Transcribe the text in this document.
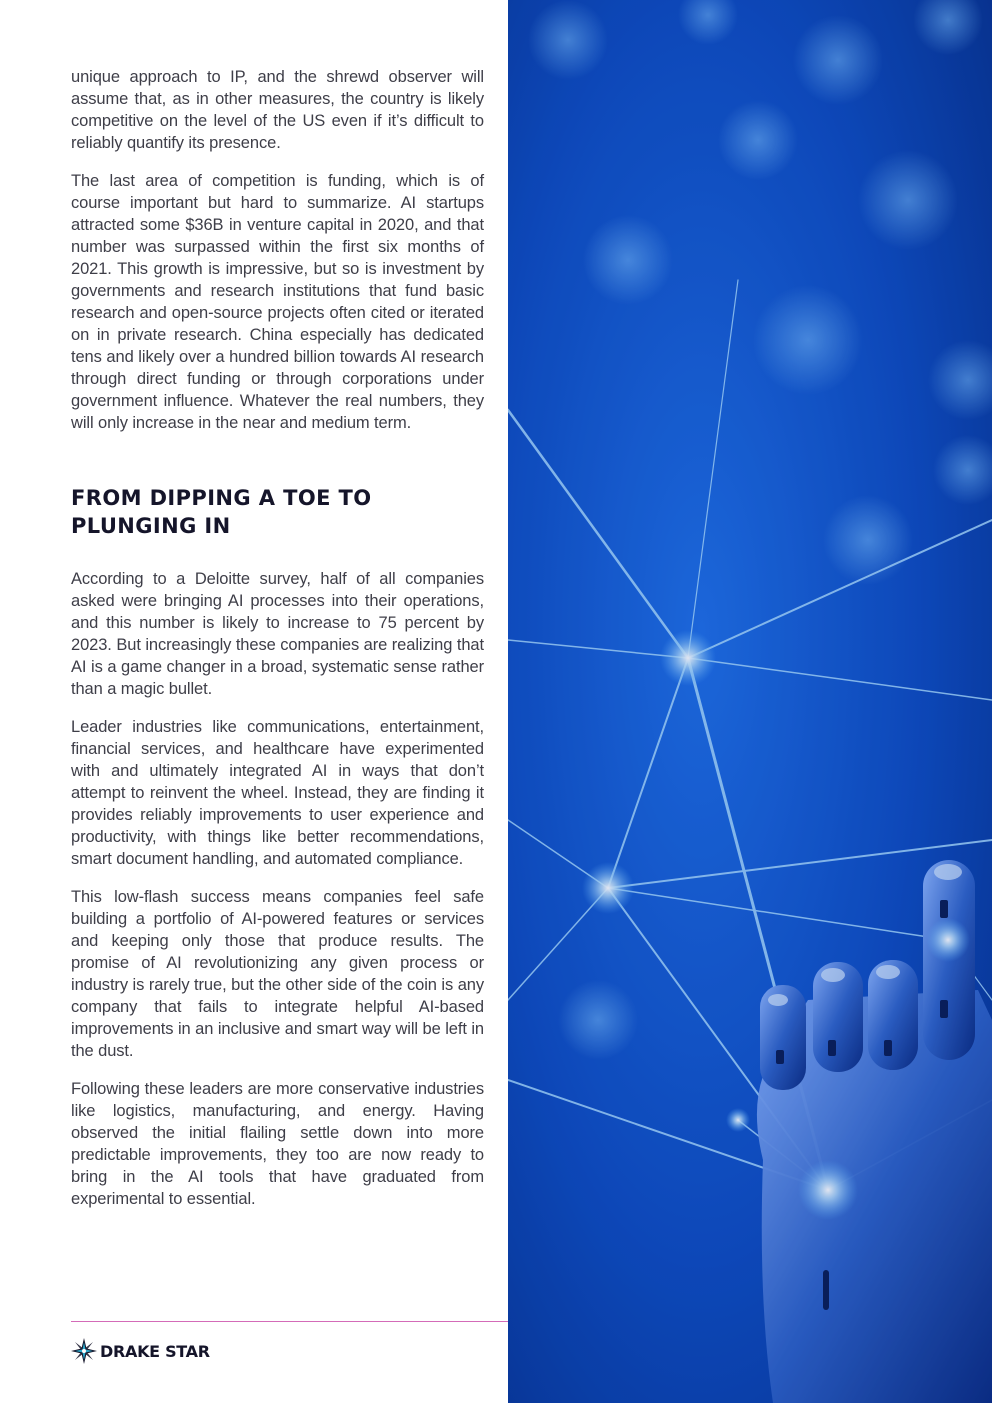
unique approach to IP, and the shrewd observer will assume that, as in other measures, the country is likely competitive on the level of the US even if it’s difficult to reliably quantify its presence.

The last area of competition is funding, which is of course important but hard to summarize. AI startups attracted some $36B in venture capital in 2020, and that number was surpassed within the first six months of 2021. This growth is impressive, but so is investment by governments and research institutions that fund basic research and open-source projects often cited or iterated on in private research. China especially has dedicated tens and likely over a hundred billion towards AI research through direct funding or through corporations under government influence. Whatever the real numbers, they will only increase in the near and medium term.

FROM DIPPING A TOE TO PLUNGING IN

According to a Deloitte survey, half of all companies asked were bringing AI processes into their operations, and this number is likely to increase to 75 percent by 2023. But increasingly these companies are realizing that AI is a game changer in a broad, systematic sense rather than a magic bullet.

Leader industries like communications, entertainment, financial services, and healthcare have experimented with and ultimately integrated AI in ways that don’t attempt to reinvent the wheel. Instead, they are finding it provides reliably improvements to user experience and productivity, with things like better recommendations, smart document handling, and automated compliance.

This low-flash success means companies feel safe building a portfolio of AI-powered features or services and keeping only those that produce results. The promise of AI revolutionizing any given process or industry is rarely true, but the other side of the coin is any company that fails to integrate helpful AI-based improvements in an inclusive and smart way will be left in the dust.

Following these leaders are more conservative industries like logistics, manufacturing, and energy. Having observed the initial flailing settle down into more predictable improvements, they too are now ready to bring in the AI tools that have graduated from experimental to essential.

DRAKE STAR
